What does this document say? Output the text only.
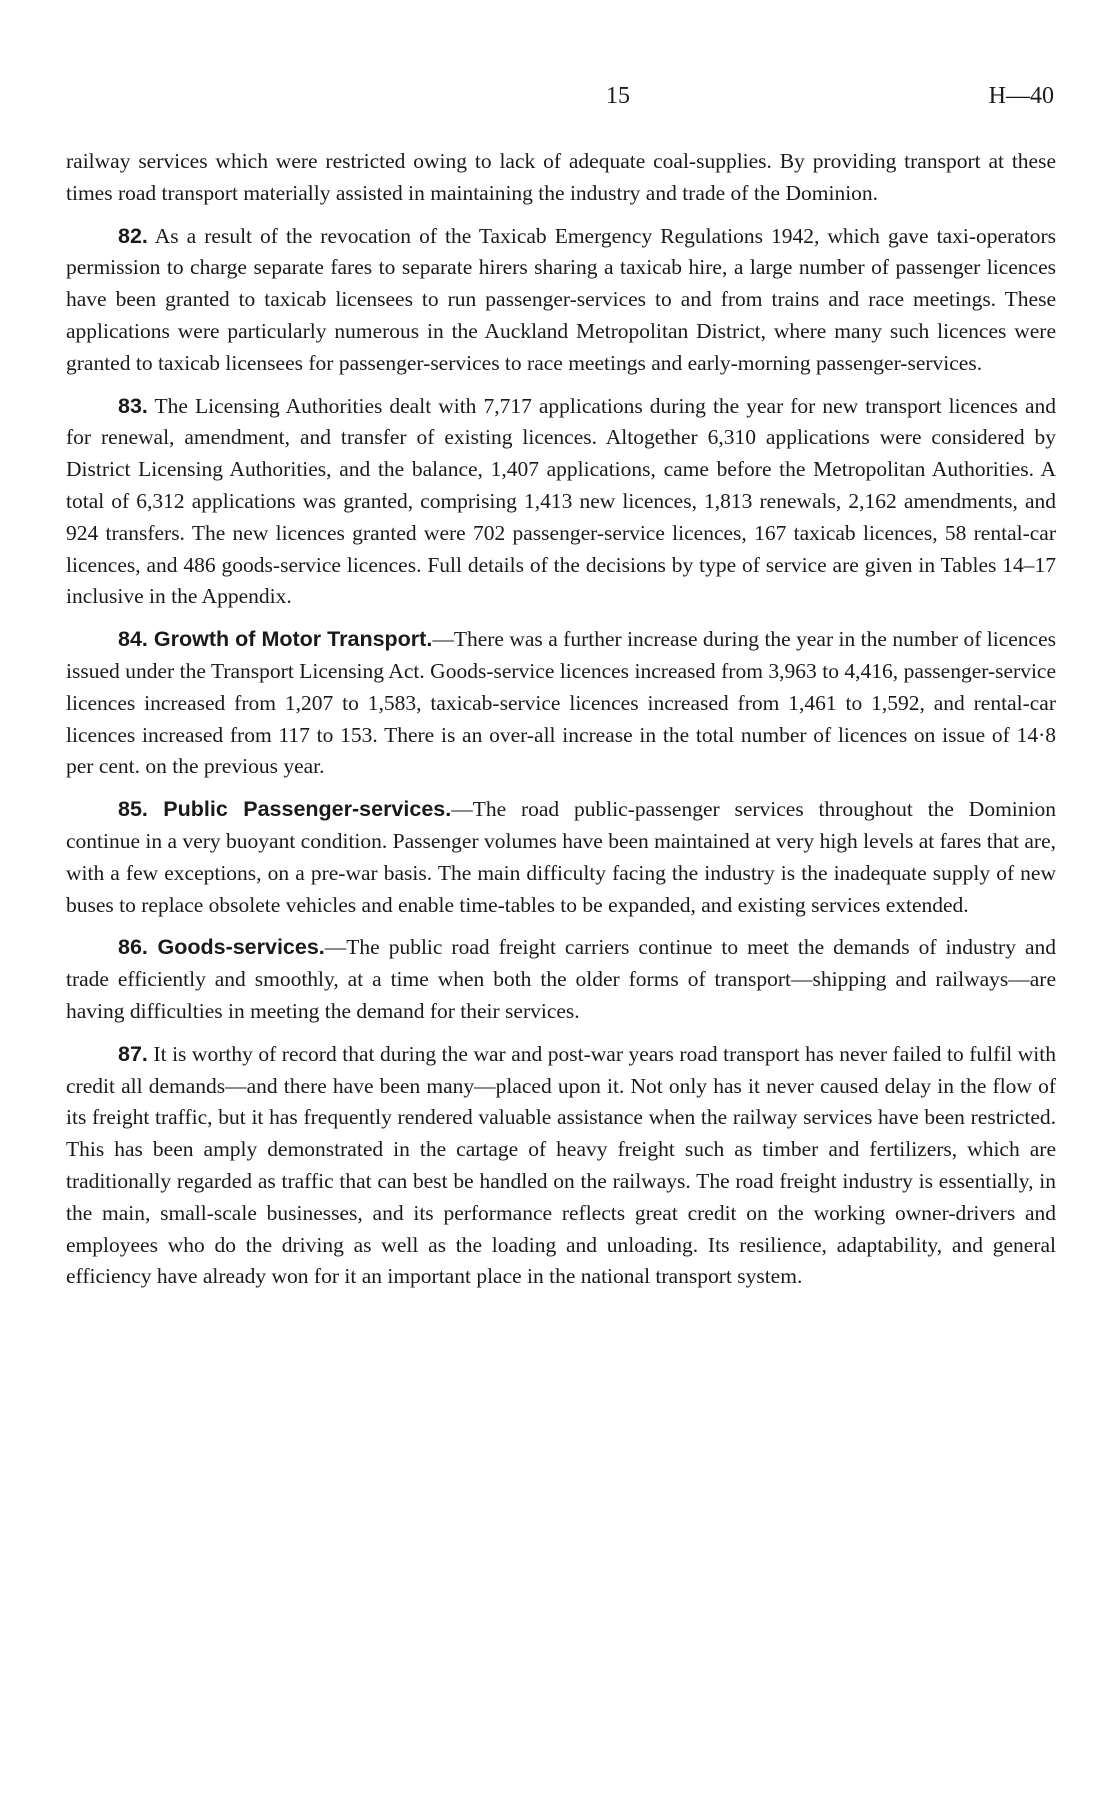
15	H—40

railway services which were restricted owing to lack of adequate coal-supplies. By providing transport at these times road transport materially assisted in maintaining the industry and trade of the Dominion.

82. As a result of the revocation of the Taxicab Emergency Regulations 1942, which gave taxi-operators permission to charge separate fares to separate hirers sharing a taxicab hire, a large number of passenger licences have been granted to taxicab licensees to run passenger-services to and from trains and race meetings. These applications were particularly numerous in the Auckland Metropolitan District, where many such licences were granted to taxicab licensees for passenger-services to race meetings and early-morning passenger-services.

83. The Licensing Authorities dealt with 7,717 applications during the year for new transport licences and for renewal, amendment, and transfer of existing licences. Altogether 6,310 applications were considered by District Licensing Authorities, and the balance, 1,407 applications, came before the Metropolitan Authorities. A total of 6,312 applications was granted, comprising 1,413 new licences, 1,813 renewals, 2,162 amendments, and 924 transfers. The new licences granted were 702 passenger-service licences, 167 taxicab licences, 58 rental-car licences, and 486 goods-service licences. Full details of the decisions by type of service are given in Tables 14–17 inclusive in the Appendix.

84. Growth of Motor Transport.—There was a further increase during the year in the number of licences issued under the Transport Licensing Act. Goods-service licences increased from 3,963 to 4,416, passenger-service licences increased from 1,207 to 1,583, taxicab-service licences increased from 1,461 to 1,592, and rental-car licences increased from 117 to 153. There is an over-all increase in the total number of licences on issue of 14·8 per cent. on the previous year.

85. Public Passenger-services.—The road public-passenger services throughout the Dominion continue in a very buoyant condition. Passenger volumes have been maintained at very high levels at fares that are, with a few exceptions, on a pre-war basis. The main difficulty facing the industry is the inadequate supply of new buses to replace obsolete vehicles and enable time-tables to be expanded, and existing services extended.

86. Goods-services.—The public road freight carriers continue to meet the demands of industry and trade efficiently and smoothly, at a time when both the older forms of transport—shipping and railways—are having difficulties in meeting the demand for their services.

87. It is worthy of record that during the war and post-war years road transport has never failed to fulfil with credit all demands—and there have been many—placed upon it. Not only has it never caused delay in the flow of its freight traffic, but it has frequently rendered valuable assistance when the railway services have been restricted. This has been amply demonstrated in the cartage of heavy freight such as timber and fertilizers, which are traditionally regarded as traffic that can best be handled on the railways. The road freight industry is essentially, in the main, small-scale businesses, and its performance reflects great credit on the working owner-drivers and employees who do the driving as well as the loading and unloading. Its resilience, adaptability, and general efficiency have already won for it an important place in the national transport system.
